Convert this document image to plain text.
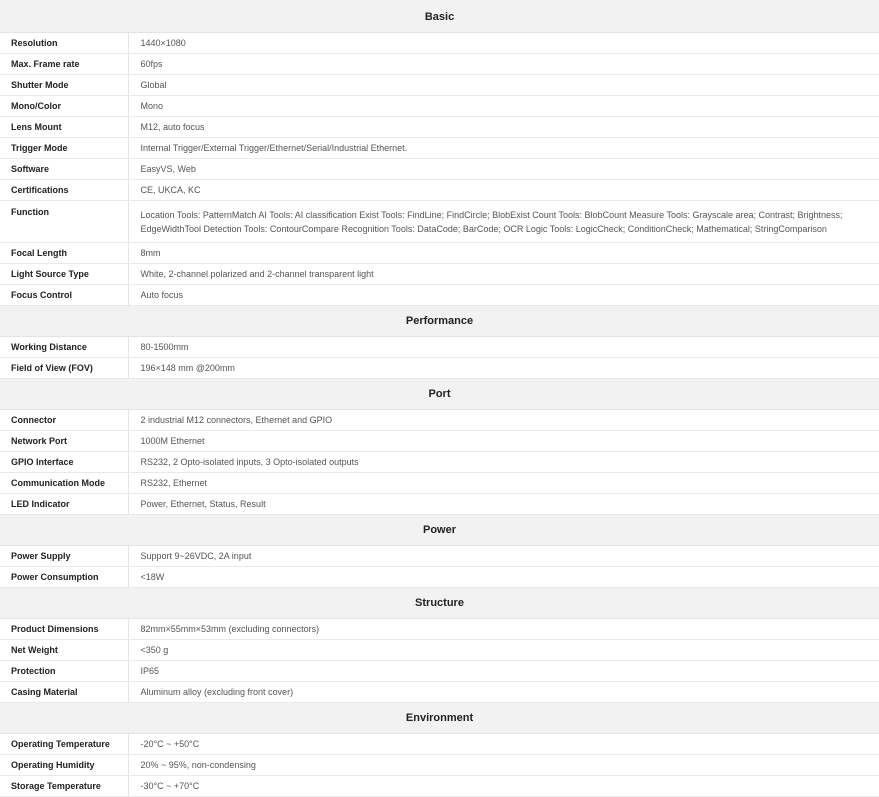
Basic	
Resolution	1440×1080
Max. Frame rate	60fps
Shutter Mode	Global
Mono/Color	Mono
Lens Mount	M12, auto focus
Trigger Mode	Internal Trigger/External Trigger/Ethernet/Serial/Industrial Ethernet.
Software	EasyVS, Web
Certifications	CE, UKCA, KC
Function	Location Tools: PatternMatch AI Tools: AI classification Exist Tools: FindLine; FindCircle; BlobExist Count Tools: BlobCount Measure Tools: Grayscale area; Contrast; Brightness; EdgeWidthTool Detection Tools: ContourCompare Recognition Tools: DataCode; BarCode; OCR Logic Tools: LogicCheck; ConditionCheck; Mathematical; StringComparison
Focal Length	8mm
Light Source Type	White, 2-channel polarized and 2-channel transparent light
Focus Control	Auto focus
Performance	
Working Distance	80-1500mm
Field of View (FOV)	196×148 mm @200mm
Port	
Connector	2 industrial M12 connectors, Ethernet and GPIO
Network Port	1000M Ethernet
GPIO Interface	RS232, 2 Opto-isolated inputs, 3 Opto-isolated outputs
Communication Mode	RS232, Ethernet
LED Indicator	Power, Ethernet, Status, Result
Power	
Power Supply	Support 9~26VDC, 2A input
Power Consumption	<18W
Structure	
Product Dimensions	82mm×55mm×53mm (excluding connectors)
Net Weight	<350 g
Protection	IP65
Casing Material	Aluminum alloy (excluding front cover)
Environment	
Operating Temperature	-20°C ~ +50°C
Operating Humidity	20% ~ 95%, non-condensing
Storage Temperature	-30°C ~ +70°C
